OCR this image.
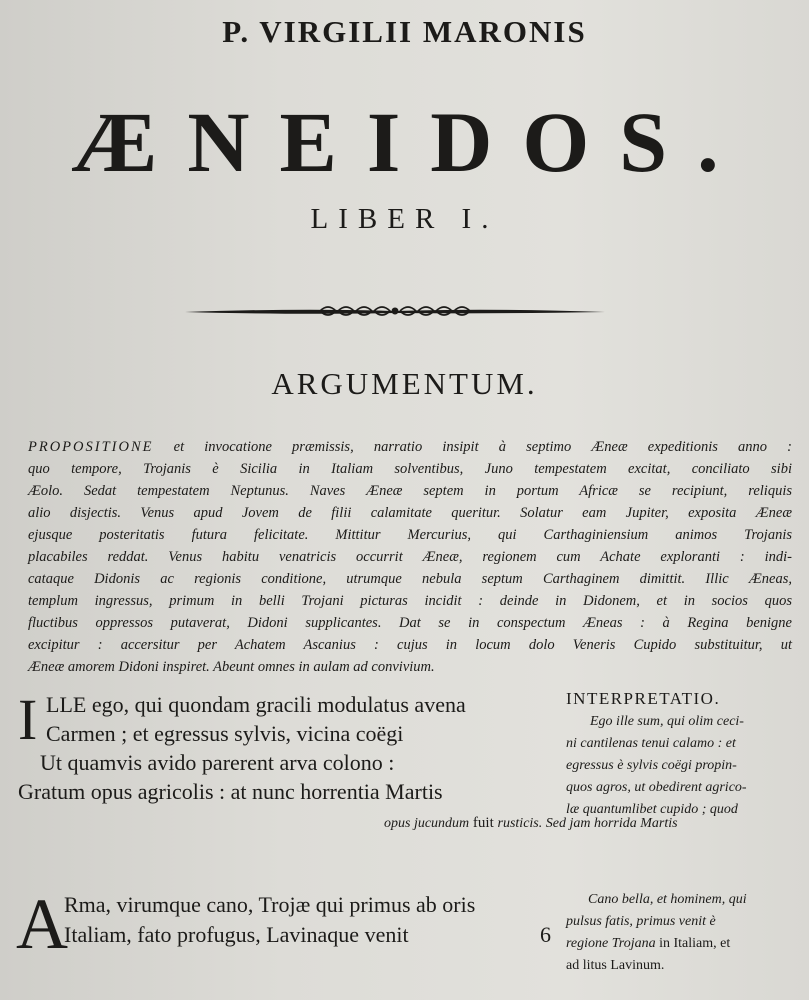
P. VIRGILII MARONIS
ÆNEIDOS.
LIBER I.
ARGUMENTUM.
PROPOSITIONE et invocatione præmissis, narratio insipit à septimo Æneæ expeditionis anno :
quo tempore, Trojanis è Sicilia in Italiam solventibus, Juno tempestatem excitat, conciliato sibi
Æolo. Sedat tempestatem Neptunus. Naves Æneæ septem in portum Africæ se recipiunt, reliquis
alio disjectis. Venus apud Jovem de filii calamitate queritur. Solatur eam Jupiter, exposita Æneæ
ejusque posteritatis futura felicitate. Mittitur Mercurius, qui Carthaginiensium animos Trojanis
placabiles reddat. Venus habitu venatricis occurrit Æneæ, regionem cum Achate exploranti : indi-
cataque Didonis ac regionis conditione, utrumque nebula septum Carthaginem dimittit. Illic Æneas,
templum ingressus, primum in belli Trojani picturas incidit : deinde in Didonem, et in socios quos
fluctibus oppressos putaverat, Didoni supplicantes. Dat se in conspectum Æneas : à Regina benigne
excipitur : accersitur per Achatem Ascanius : cujus in locum dolo Veneris Cupido substituitur, ut
Æneæ amorem Didoni inspiret. Abeunt omnes in aulam ad convivium.
I LLE ego, qui quondam gracili modulatus avena
Carmen ; et egressus sylvis, vicina coëgi
Ut quamvis avido parerent arva colono :
Gratum opus agricolis : at nunc horrentia Martis
INTERPRETATIO.
Ego ille sum, qui olim ceci-
ni cantilenas tenui calamo : et
egressus è sylvis coëgi propin-
quos agros, ut obedirent agrico-
læ quantumlibet cupido ; quod
opus jucundum fuit rusticis. Sed jam horrida Martis
A
Rma, virumque cano, Trojæ qui primus ab oris
Italiam, fato profugus, Lavinaque venit	6
Cano bella, et hominem, qui
pulsus fatis, primus venit è
regione Trojana in Italiam, et
ad litus Lavinum.
